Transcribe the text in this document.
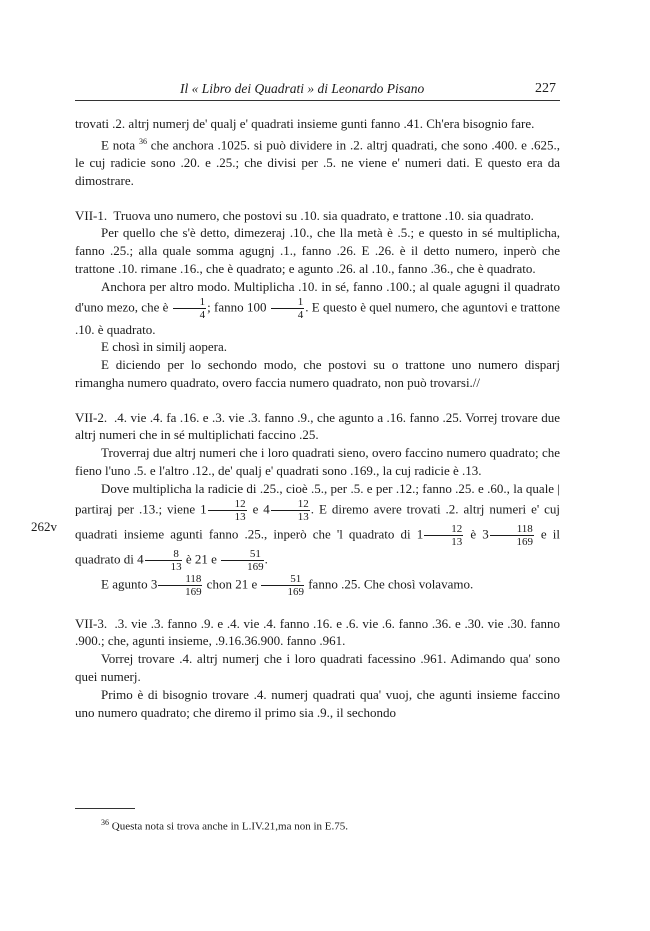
Il « Libro dei Quadrati » di Leonardo Pisano	227

trovati .2. altrj numerj de' qualj e' quadrati insieme gunti fanno .41. Ch'era bisognio fare.

E nota $^{36}$ che anchora .1025. si può dividere in .2. altrj quadrati, che sono .400. e .625., le cuj radicie sono .20. e .25.; che divisi per .5. ne viene e' numeri dati. E questo era da dimostrare.

VII-1. Truova uno numero, che postovi su .10. sia quadrato, e trattone .10. sia quadrato.

Per quello che s'è detto, dimezeraj .10., che lla metà è .5.; e questo in sé multiplicha, fanno .25.; alla quale somma agugnj .1., fanno .26. E .26. è il detto numero, inperò che trattone .10. rimane .16., che è quadrato; e agunto .26. al .10., fanno .36., che è quadrato.

Anchora per altro modo. Multiplicha .10. in sé, fanno .100.; al quale agugni il quadrato d'uno mezo, che è $\frac{1}{4}$ ; fanno $100 \frac{1}{4}$ . E questo è quel numero, che aguntovi e trattone .10. è quadrato.

E chosì in similj aopera.

E diciendo per lo sechondo modo, che postovi su o trattone uno numero disparj rimangha numero quadrato, overo faccia numero quadrato, non può trovarsi.//

VII-2. .4. vie .4. fa .16. e .3. vie .3. fanno .9., che agunto a .16. fanno .25. Vorrej trovare due altrj numeri che in sé multiplichati faccino .25.

Troverraj due altrj numeri che i loro quadrati sieno, overo faccino numero quadrato; che fieno l'uno .5. e l'altro .12., de' qualj e' quadrati sono .169., la cuj radicie è .13.

Dove multiplicha la radicie di .25., cioè .5., per .5. e per .12.; fanno .25.
262v
e .60., la quale | partiraj per .13.; viene $1 \frac{12}{13}$ e $4 \frac{12}{13}$ . E diremo avere trovati .2. altrj numeri e' cuj quadrati insieme agunti fanno .25., inperò che 'l quadrato di $1 \frac{12}{13}$ è $3 \frac{118}{169}$ e il quadrato di $4 \frac{8}{13}$ è 21 e $\frac{51}{169}$ .

E agunto $3 \frac{118}{169}$ chon 21 e $\frac{51}{169}$ fanno .25. Che chosì volavamo.

VII-3. .3. vie .3. fanno .9. e .4. vie .4. fanno .16. e .6. vie .6. fanno .36. e .30. vie .30. fanno .900.; che, agunti insieme, .9.16.36.900. fanno .961.

Vorrej trovare .4. altrj numerj che i loro quadrati facessino .961. Adimando qua' sono quei numerj.

Primo è di bisognio trovare .4. numerj quadrati qua' vuoj, che agunti insieme faccino uno numero quadrato; che diremo il primo sia .9., il sechondo

$^{36}$ Questa nota si trova anche in L.IV.21,ma non in E.75.
